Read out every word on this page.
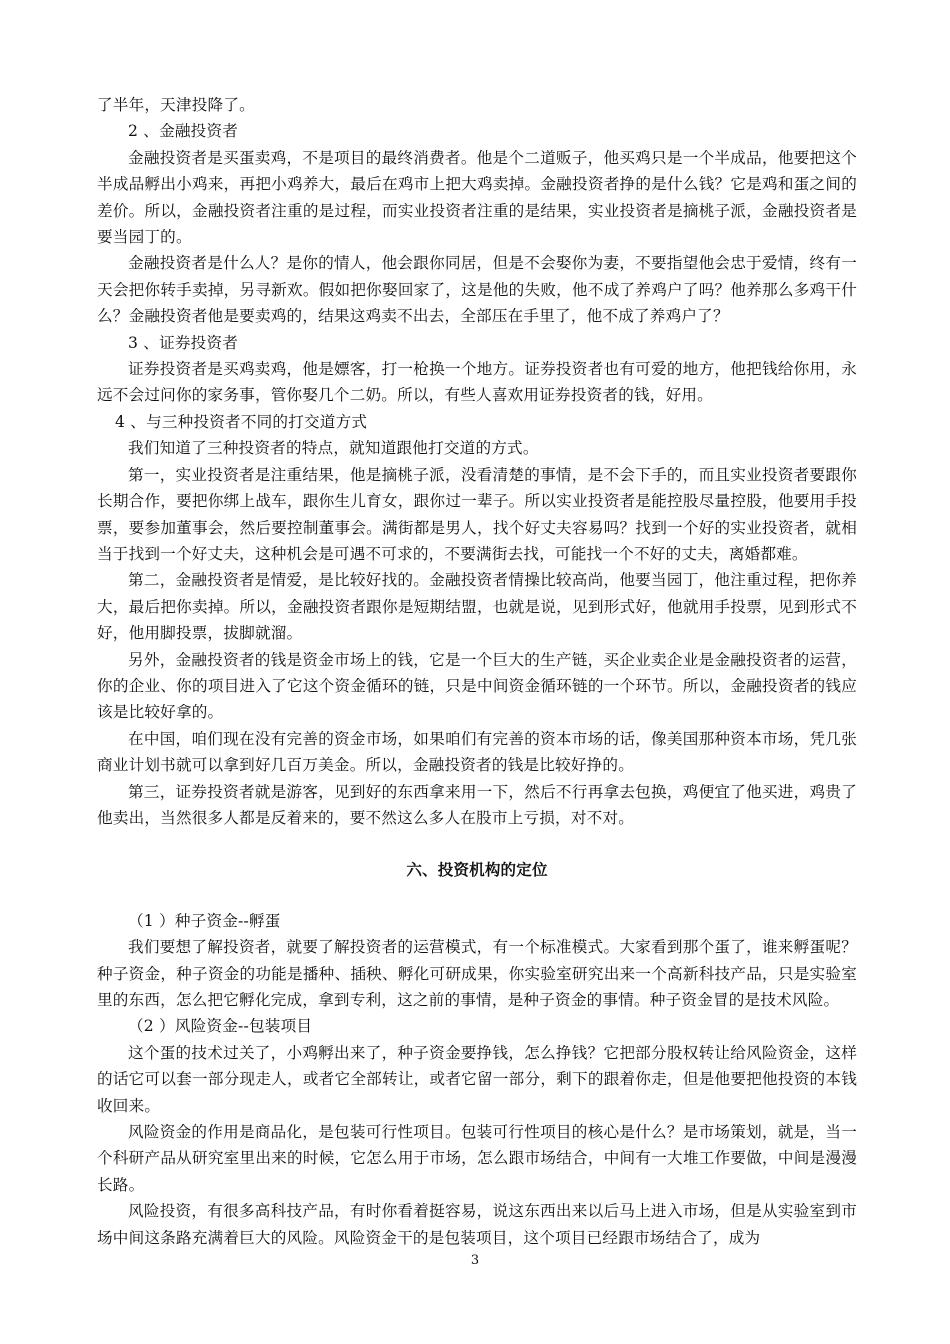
了半年，天津投降了。

2 、金融投资者

金融投资者是买蛋卖鸡，不是项目的最终消费者。他是个二道贩子，他买鸡只是一个半成品，他要把这个半成品孵出小鸡来，再把小鸡养大，最后在鸡市上把大鸡卖掉。金融投资者挣的是什么钱？它是鸡和蛋之间的差价。所以，金融投资者注重的是过程，而实业投资者注重的是结果，实业投资者是摘桃子派，金融投资者是要当园丁的。

金融投资者是什么人？是你的情人，他会跟你同居，但是不会娶你为妻，不要指望他会忠于爱情，终有一天会把你转手卖掉，另寻新欢。假如把你娶回家了，这是他的失败，他不成了养鸡户了吗？他养那么多鸡干什么？金融投资者他是要卖鸡的，结果这鸡卖不出去，全部压在手里了，他不成了养鸡户了？

3 、证券投资者

证券投资者是买鸡卖鸡，他是嫖客，打一枪换一个地方。证券投资者也有可爱的地方，他把钱给你用，永远不会过问你的家务事，管你娶几个二奶。所以，有些人喜欢用证券投资者的钱，好用。

4 、与三种投资者不同的打交道方式

我们知道了三种投资者的特点，就知道跟他打交道的方式。

第一，实业投资者是注重结果，他是摘桃子派，没看清楚的事情，是不会下手的，而且实业投资者要跟你长期合作，要把你绑上战车，跟你生儿育女，跟你过一辈子。所以实业投资者是能控股尽量控股，他要用手投票，要参加董事会，然后要控制董事会。满街都是男人，找个好丈夫容易吗？找到一个好的实业投资者，就相当于找到一个好丈夫，这种机会是可遇不可求的，不要满街去找，可能找一个不好的丈夫，离婚都难。

第二，金融投资者是情爱，是比较好找的。金融投资者情操比较高尚，他要当园丁，他注重过程，把你养大，最后把你卖掉。所以，金融投资者跟你是短期结盟，也就是说，见到形式好，他就用手投票，见到形式不好，他用脚投票，拔脚就溜。

另外，金融投资者的钱是资金市场上的钱，它是一个巨大的生产链，买企业卖企业是金融投资者的运营，你的企业、你的项目进入了它这个资金循环的链，只是中间资金循环链的一个环节。所以，金融投资者的钱应该是比较好拿的。

在中国，咱们现在没有完善的资金市场，如果咱们有完善的资本市场的话，像美国那种资本市场，凭几张商业计划书就可以拿到好几百万美金。所以，金融投资者的钱是比较好挣的。

第三，证券投资者就是游客，见到好的东西拿来用一下，然后不行再拿去包换，鸡便宜了他买进，鸡贵了他卖出，当然很多人都是反着来的，要不然这么多人在股市上亏损，对不对。

六、投资机构的定位

（1 ）种子资金--孵蛋

我们要想了解投资者，就要了解投资者的运营模式，有一个标准模式。大家看到那个蛋了，谁来孵蛋呢？种子资金，种子资金的功能是播种、插秧、孵化可研成果，你实验室研究出来一个高新科技产品，只是实验室里的东西，怎么把它孵化完成，拿到专利，这之前的事情，是种子资金的事情。种子资金冒的是技术风险。

（2 ）风险资金--包装项目

这个蛋的技术过关了，小鸡孵出来了，种子资金要挣钱，怎么挣钱？它把部分股权转让给风险资金，这样的话它可以套一部分现走人，或者它全部转让，或者它留一部分，剩下的跟着你走，但是他要把他投资的本钱收回来。

风险资金的作用是商品化，是包装可行性项目。包装可行性项目的核心是什么？是市场策划，就是，当一个科研产品从研究室里出来的时候，它怎么用于市场，怎么跟市场结合，中间有一大堆工作要做，中间是漫漫长路。

风险投资，有很多高科技产品，有时你看着挺容易，说这东西出来以后马上进入市场，但是从实验室到市场中间这条路充满着巨大的风险。风险资金干的是包装项目，这个项目已经跟市场结合了，成为

3
